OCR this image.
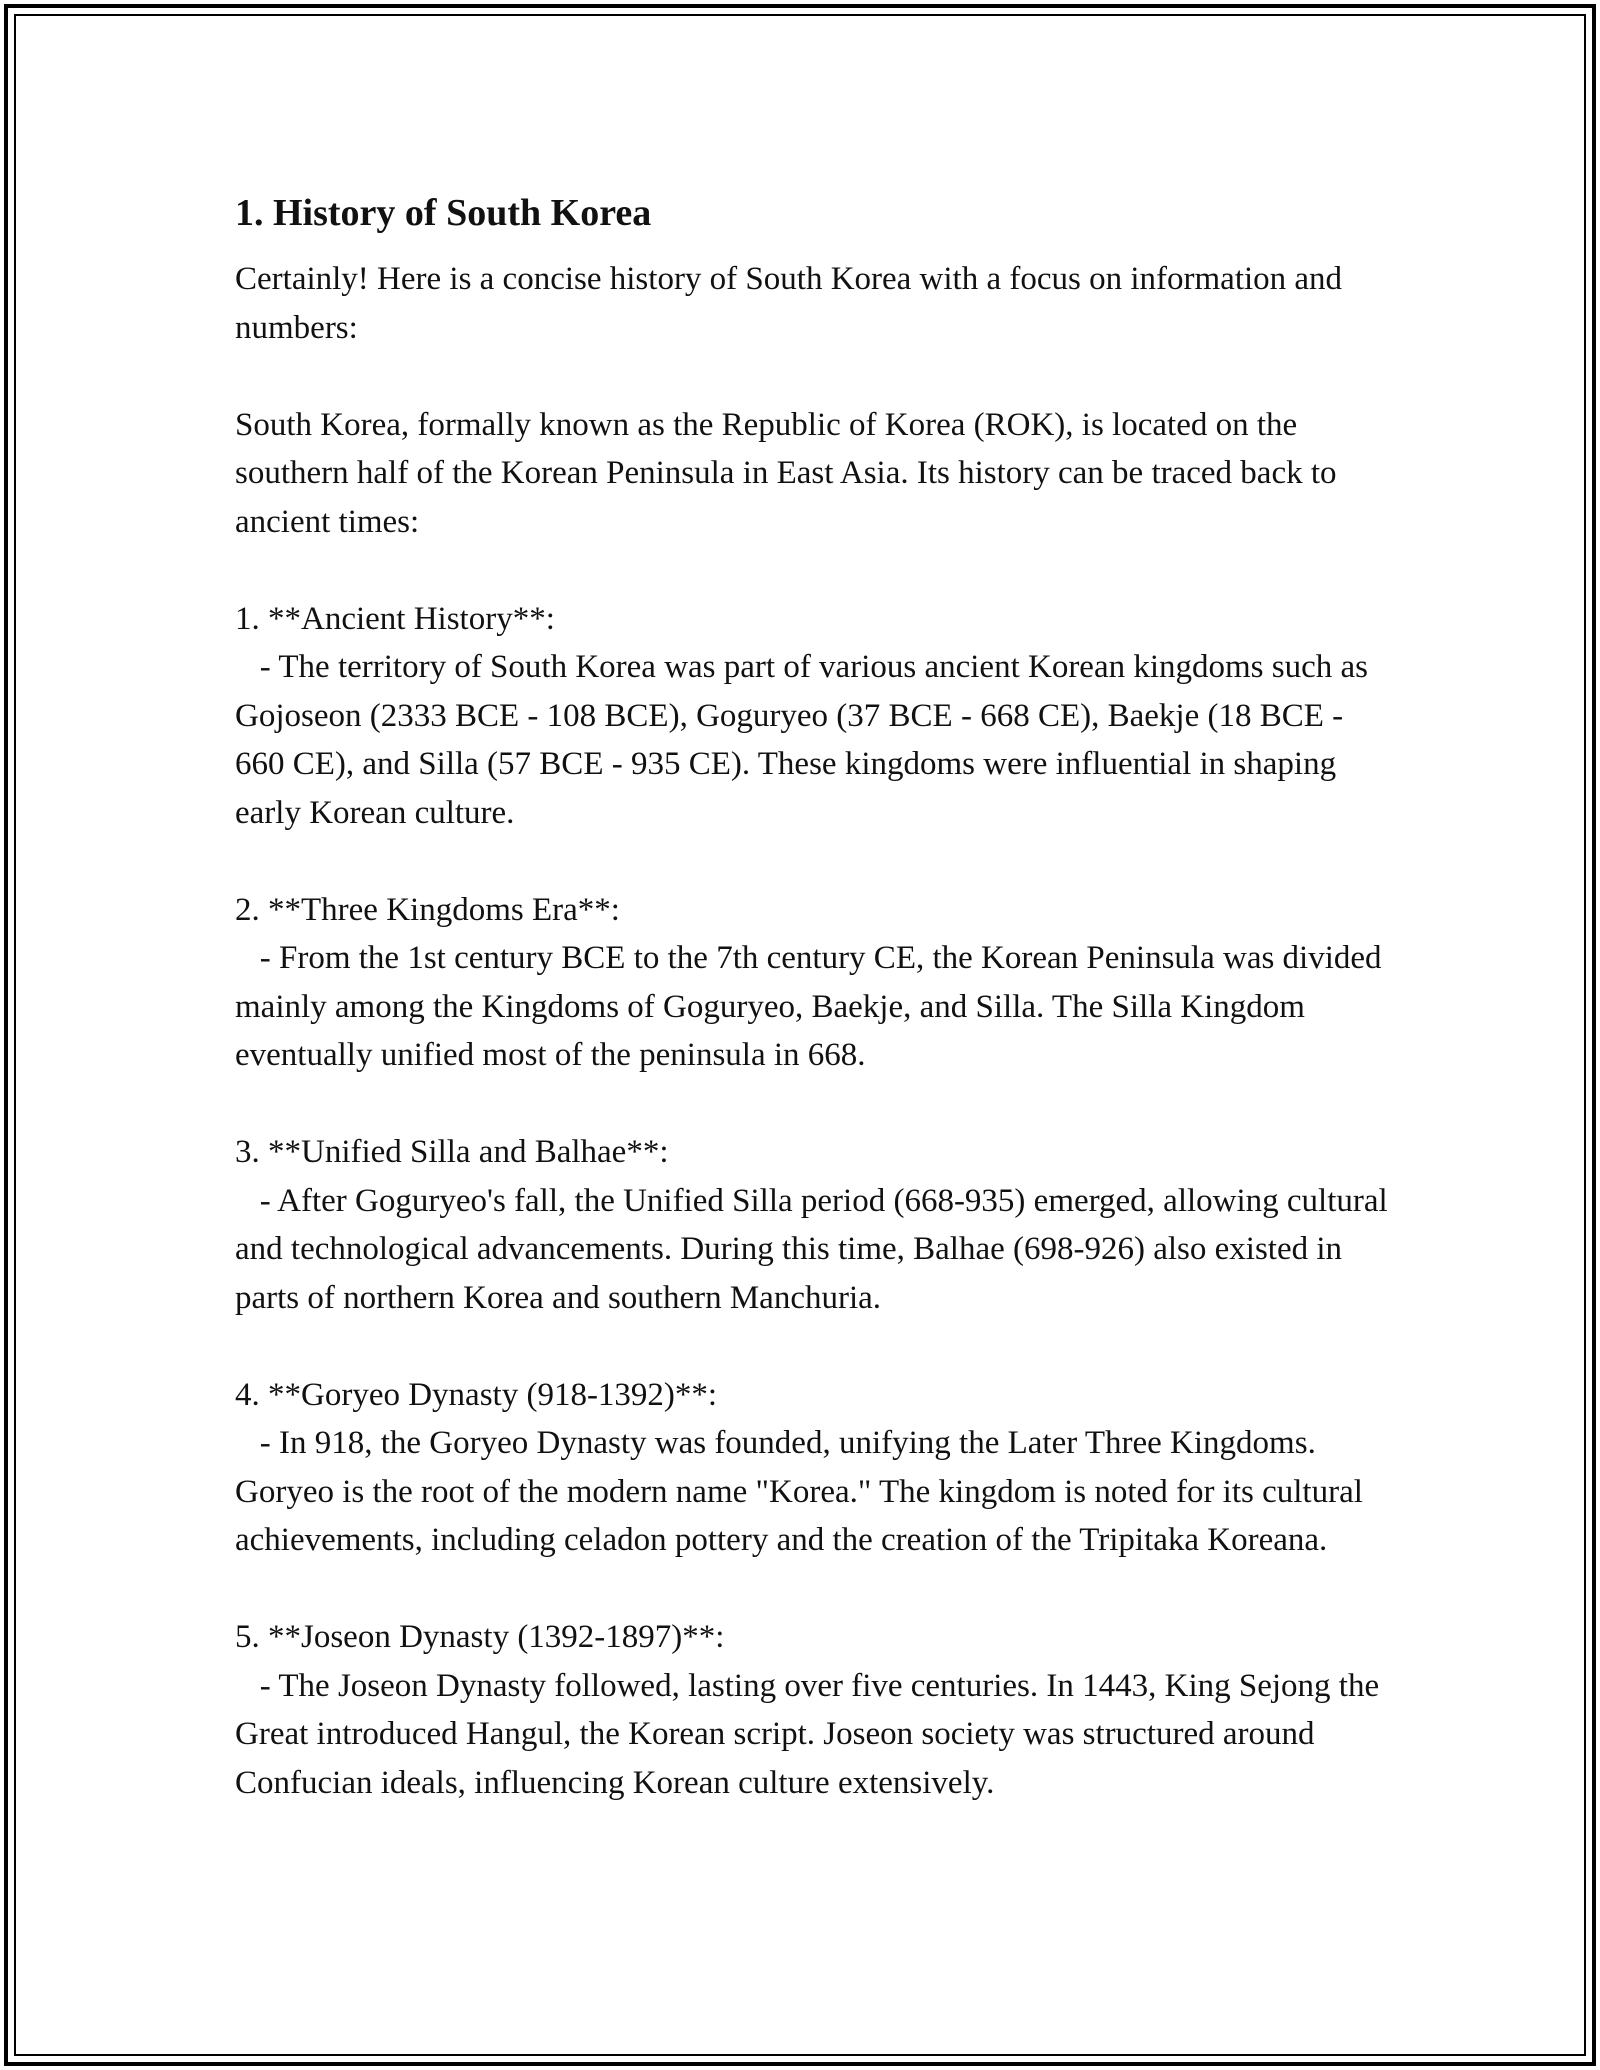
1. History of South Korea
Certainly! Here is a concise history of South Korea with a focus on information and numbers:
South Korea, formally known as the Republic of Korea (ROK), is located on the southern half of the Korean Peninsula in East Asia. Its history can be traced back to ancient times:
1. **Ancient History**:
- The territory of South Korea was part of various ancient Korean kingdoms such as Gojoseon (2333 BCE - 108 BCE), Goguryeo (37 BCE - 668 CE), Baekje (18 BCE - 660 CE), and Silla (57 BCE - 935 CE). These kingdoms were influential in shaping early Korean culture.
2. **Three Kingdoms Era**:
- From the 1st century BCE to the 7th century CE, the Korean Peninsula was divided mainly among the Kingdoms of Goguryeo, Baekje, and Silla. The Silla Kingdom eventually unified most of the peninsula in 668.
3. **Unified Silla and Balhae**:
- After Goguryeo's fall, the Unified Silla period (668-935) emerged, allowing cultural and technological advancements. During this time, Balhae (698-926) also existed in parts of northern Korea and southern Manchuria.
4. **Goryeo Dynasty (918-1392)**:
- In 918, the Goryeo Dynasty was founded, unifying the Later Three Kingdoms. Goryeo is the root of the modern name "Korea." The kingdom is noted for its cultural achievements, including celadon pottery and the creation of the Tripitaka Koreana.
5. **Joseon Dynasty (1392-1897)**:
- The Joseon Dynasty followed, lasting over five centuries. In 1443, King Sejong the Great introduced Hangul, the Korean script. Joseon society was structured around Confucian ideals, influencing Korean culture extensively.
